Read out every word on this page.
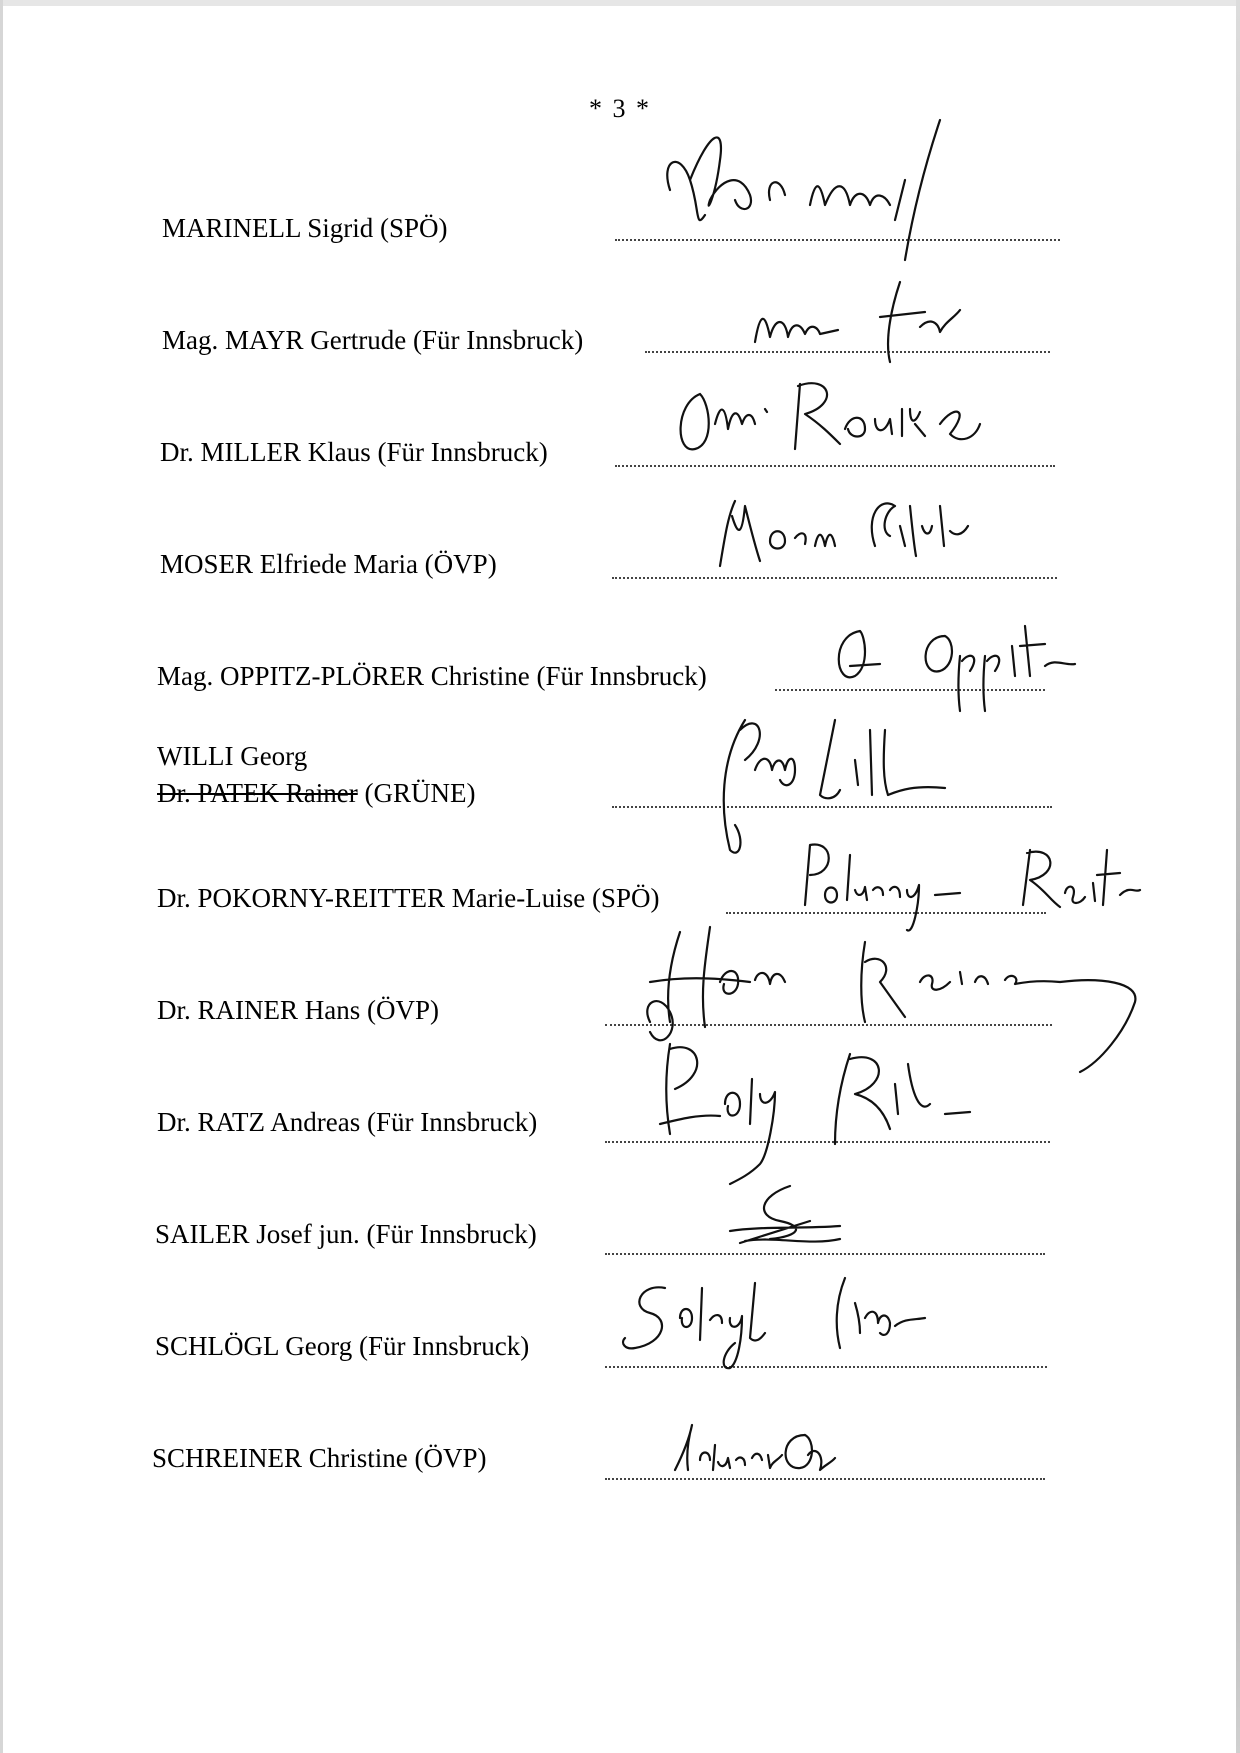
* 3 *
MARINELL Sigrid (SPÖ)
Mag. MAYR Gertrude (Für Innsbruck)
Dr. MILLER Klaus (Für Innsbruck)
MOSER Elfriede Maria (ÖVP)
Mag. OPPITZ-PLÖRER Christine (Für Innsbruck)
WILLI Georg
Dr. PATEK Rainer (GRÜNE)
Dr. POKORNY-REITTER Marie-Luise (SPÖ)
Dr. RAINER Hans (ÖVP)
Dr. RATZ Andreas (Für Innsbruck)
SAILER Josef jun. (Für Innsbruck)
SCHLÖGL Georg (Für Innsbruck)
SCHREINER Christine (ÖVP)
